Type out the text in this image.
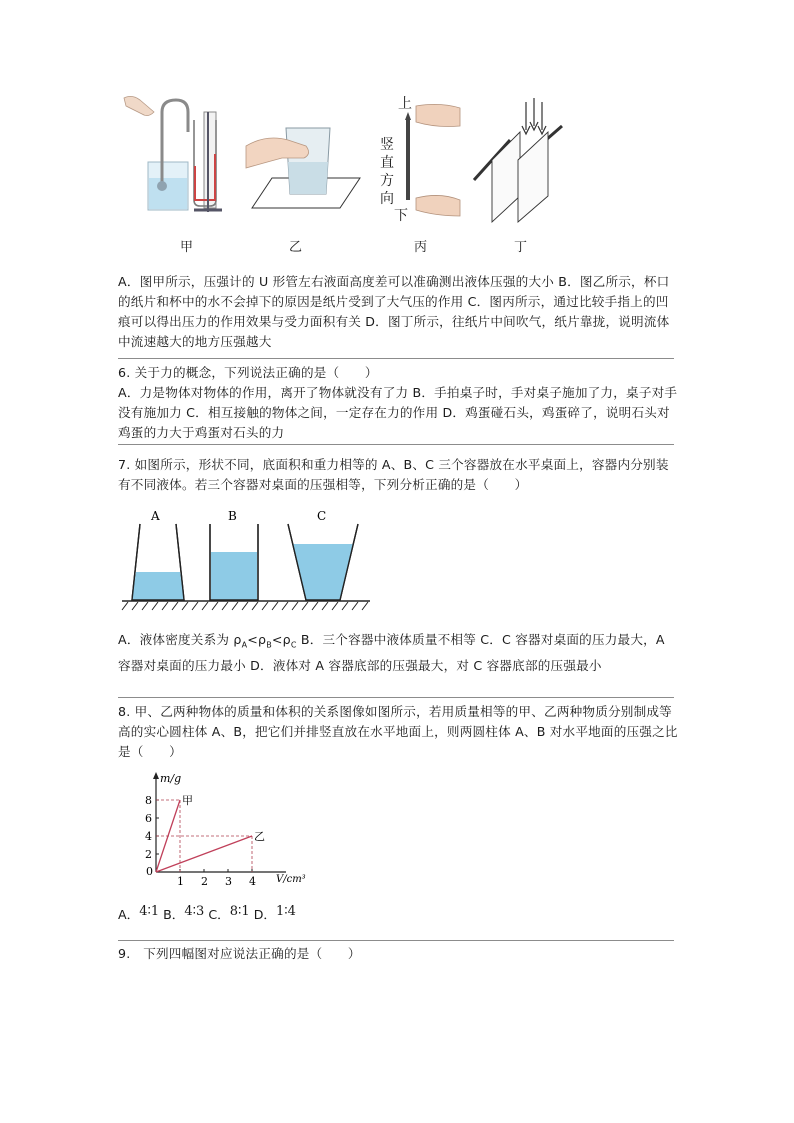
上
下
竖直方向
甲	乙	丙	丁
A．图甲所示，压强计的 U 形管左右液面高度差可以准确测出液体压强的大小 B．图乙所示，杯口的纸片和杯中的水不会掉下的原因是纸片受到了大气压的作用 C．图丙所示，通过比较手指上的凹痕可以得出压力的作用效果与受力面积有关 D．图丁所示，往纸片中间吹气，纸片靠拢，说明流体中流速越大的地方压强越大
6. 关于力的概念，下列说法正确的是（　　）
A．力是物体对物体的作用，离开了物体就没有了力 B．手拍桌子时，手对桌子施加了力，桌子对手没有施加力 C．相互接触的物体之间，一定存在力的作用 D．鸡蛋碰石头，鸡蛋碎了，说明石头对鸡蛋的力大于鸡蛋对石头的力
7. 如图所示，形状不同，底面积和重力相等的 A、B、C 三个容器放在水平桌面上，容器内分别装有不同液体。若三个容器对桌面的压强相等，下列分析正确的是（　　）
A	B	C
A．液体密度关系为 $\rho_A<\rho_B<\rho_C$ B．三个容器中液体质量不相等 C．C 容器对桌面的压力最大，A 容器对桌面的压力最小 D．液体对 A 容器底部的压强最大，对 C 容器底部的压强最小
8. 甲、乙两种物体的质量和体积的关系图像如图所示，若用质量相等的甲、乙两种物质分别制成等高的实心圆柱体 A、B，把它们并排竖直放在水平地面上，则两圆柱体 A、B 对水平地面的压强之比是（　　）
m/g
V/cm³
0
1 2 3 4
2
4
6
8	甲
乙
A．4∶1 B．4∶3 C．8∶1 D．1∶4
9.　下列四幅图对应说法正确的是（　　）
